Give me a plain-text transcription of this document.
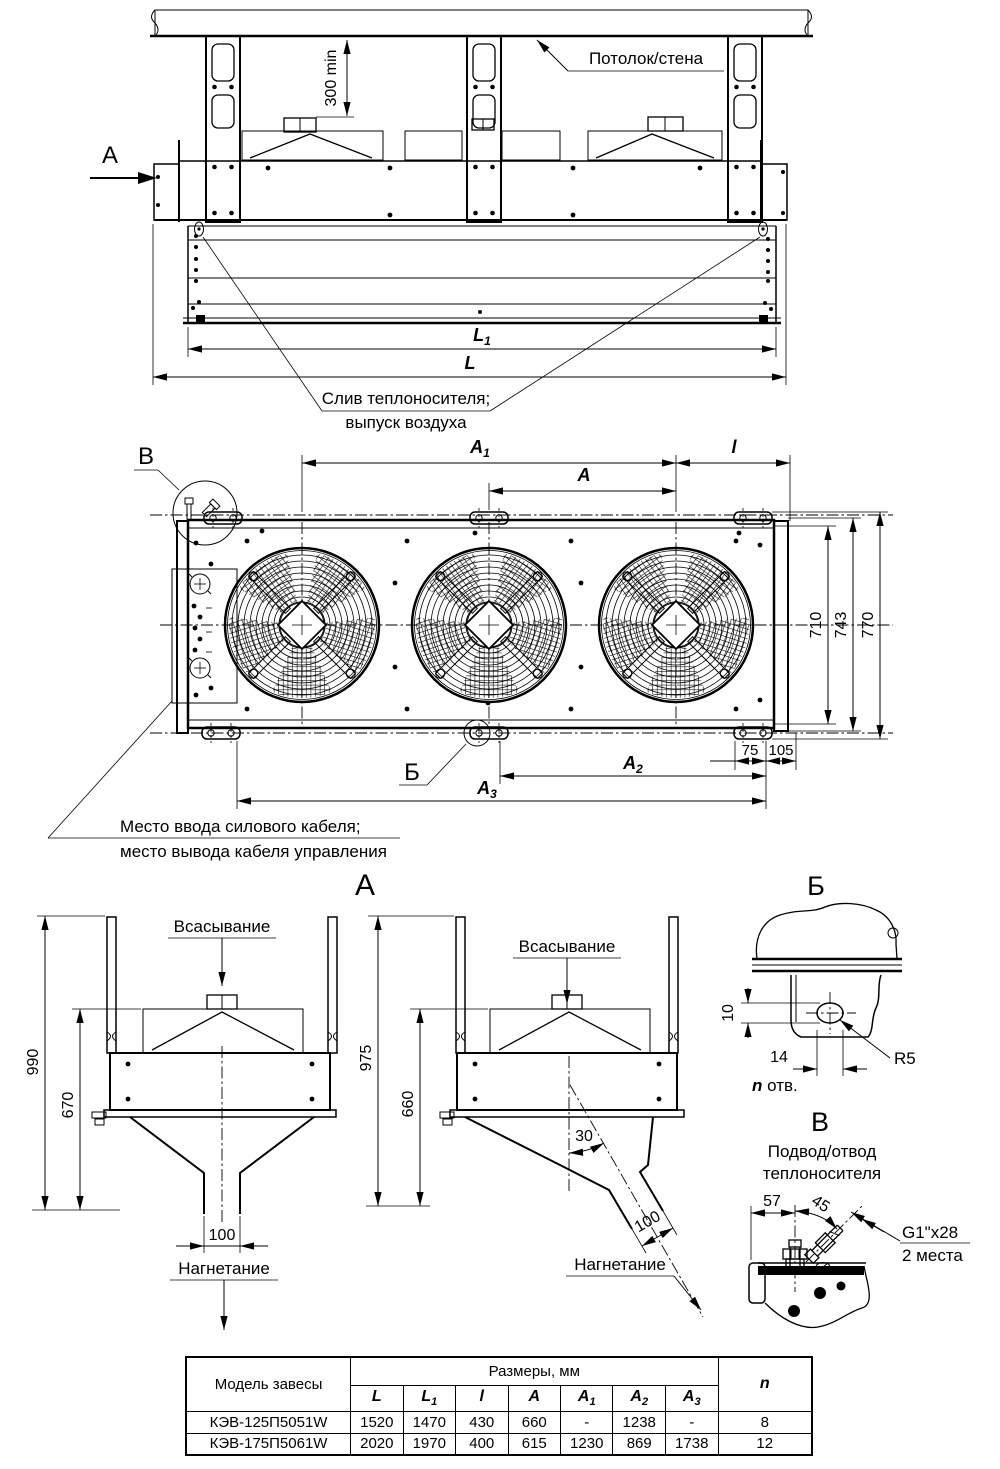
Потолок/стена
300 min
Слив теплоносителя;
выпуск воздуха
$L_1$
L
А
В	$A_1$	l
A
710 743 770
75 105
$A_2$
$A_3$
Б
Место ввода силового кабеля;
место вывода кабеля управления
А
Всасывание
990
670
100
Нагнетание
Всасывание
30
975
660
100
Нагнетание
Б
10
14
n отв.
R5
В
Подвод/отвод
теплоносителя
57 45
G1"x28
2 места
Модель завесы	Размеры, мм							n
	L	$L_1$	l	A	$A_1$	$A_2$	$A_3$
КЭВ-125П5051W	1520	1470	430	660	-	1238	-	8
КЭВ-175П5061W	2020	1970	400	615	1230	869	1738	12
